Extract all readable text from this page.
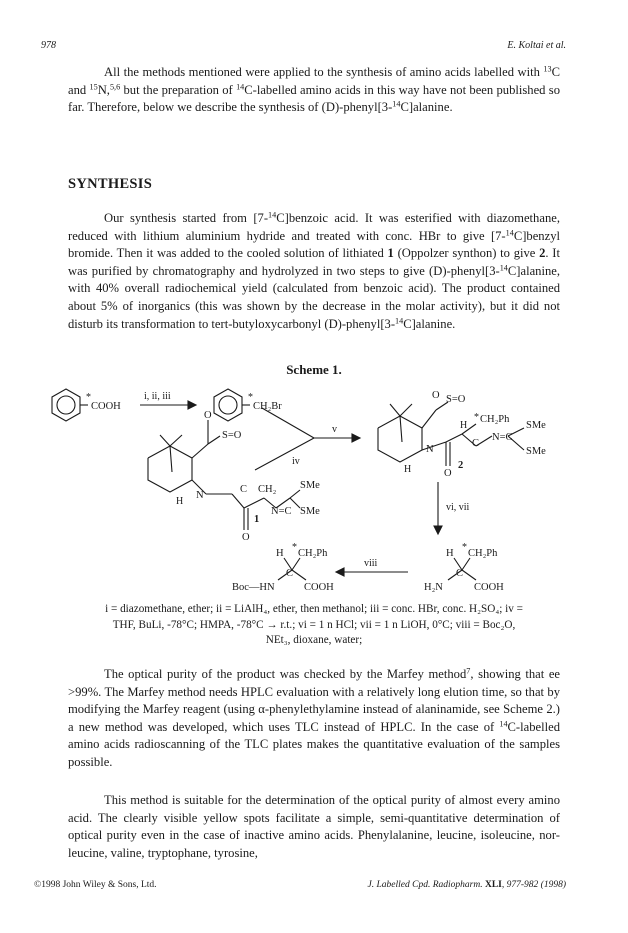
978	E. Koltai et al.

All the methods mentioned were applied to the synthesis of amino acids labelled with $^{13}$C and $^{15}$N,$^{5,6}$ but the preparation of $^{14}$C-labelled amino acids in this way have not been published so far. Therefore, below we describe the synthesis of (D)-phenyl[3-$^{14}$C]alanine.

SYNTHESIS

Our synthesis started from [7-$^{14}$C]benzoic acid. It was esterified with diazomethane, reduced with lithium aluminium hydride and treated with conc. HBr to give [7-$^{14}$C]benzyl bromide. Then it was added to the cooled solution of lithiated 1 (Oppolzer synthon) to give 2. It was purified by chromatography and hydrolyzed in two steps to give (D)-phenyl[3-$^{14}$C]alanine, with 40% overall radiochemical yield (calculated from benzoic acid). The product contained about 5% of inorganics (this was shown by the decrease in the molar activity), but it did not disturb its transformation to tert-butyloxycarbonyl (D)-phenyl[3-$^{14}$C]alanine.

Scheme 1.

*
COOH
i, ii, iii	*
CH₂Br
v
iv
O
S=O
N
H
C CH₂
N=C
SMe
SMe
O
1
O S=O
N
H
H
* CH₂Ph
C
N=C
SMe
SMe
O
2
vi, vii
viii
H
*
CH₂Ph
C
H₂N	COOH
H
*
CH₂Ph
C
Boc—HN	COOH

i = diazomethane, ether; ii = LiAlH₄, ether, then methanol; iii = conc. HBr, conc. H₂SO₄; iv =
THF, BuLi, -78°C; HMPA, -78°C → r.t.; vi = 1 n HCl; vii = 1 n LiOH, 0°C; viii = Boc₂O,
NEt₃, dioxane, water;

The optical purity of the product was checked by the Marfey method$^7$, showing that ee >99%. The Marfey method needs HPLC evaluation with a relatively long elution time, so that by modifying the Marfey reagent (using α-phenylethylamine instead of alaninamide, see Scheme 2.) a new method was developed, which uses TLC instead of HPLC. In the case of $^{14}$C-labelled amino acids radioscanning of the TLC plates makes the quantitative evaluation of the samples possible.

This method is suitable for the determination of the optical purity of almost every amino acid. The clearly visible yellow spots facilitate a simple, semi-quantitative determination of optical purity even in the case of inactive amino acids. Phenylalanine, leucine, isoleucine, nor-leucine, valine, tryptophane, tyrosine,

©1998 John Wiley & Sons, Ltd.	J. Labelled Cpd. Radiopharm. XLI, 977-982 (1998)
